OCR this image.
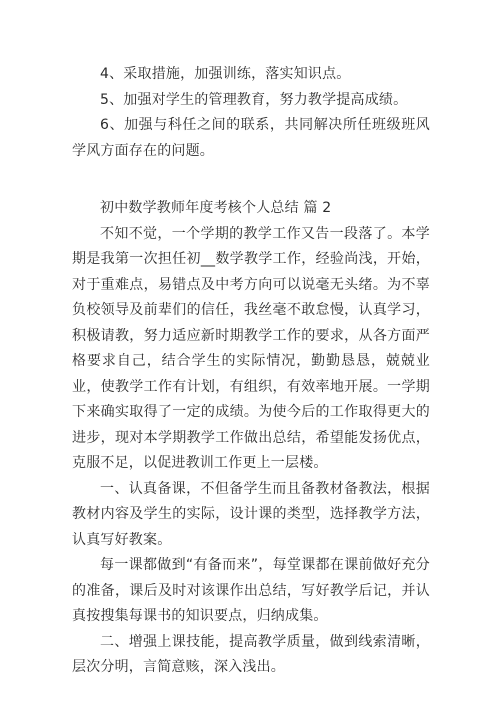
4、采取措施，加强训练，落实知识点。

5、加强对学生的管理教育，努力教学提高成绩。

6、加强与科任之间的联系，共同解决所任班级班风学风方面存在的问题。

初中数学教师年度考核个人总结 篇 2

不知不觉，一个学期的教学工作又告一段落了。本学期是我第一次担任初__数学教学工作，经验尚浅，开始，对于重难点，易错点及中考方向可以说毫无头绪。为不辜负校领导及前辈们的信任，我丝毫不敢怠慢，认真学习，积极请教，努力适应新时期教学工作的要求，从各方面严格要求自己，结合学生的实际情况，勤勤恳恳，兢兢业业，使教学工作有计划，有组织，有效率地开展。一学期下来确实取得了一定的成绩。为使今后的工作取得更大的进步，现对本学期教学工作做出总结，希望能发扬优点，克服不足，以促进教训工作更上一层楼。

一、认真备课，不但备学生而且备教材备教法，根据教材内容及学生的实际，设计课的类型，选择教学方法，认真写好教案。

每一课都做到“有备而来”，每堂课都在课前做好充分的准备，课后及时对该课作出总结，写好教学后记，并认真按搜集每课书的知识要点，归纳成集。

二、增强上课技能，提高教学质量，做到线索清晰，层次分明，言简意赅，深入浅出。
